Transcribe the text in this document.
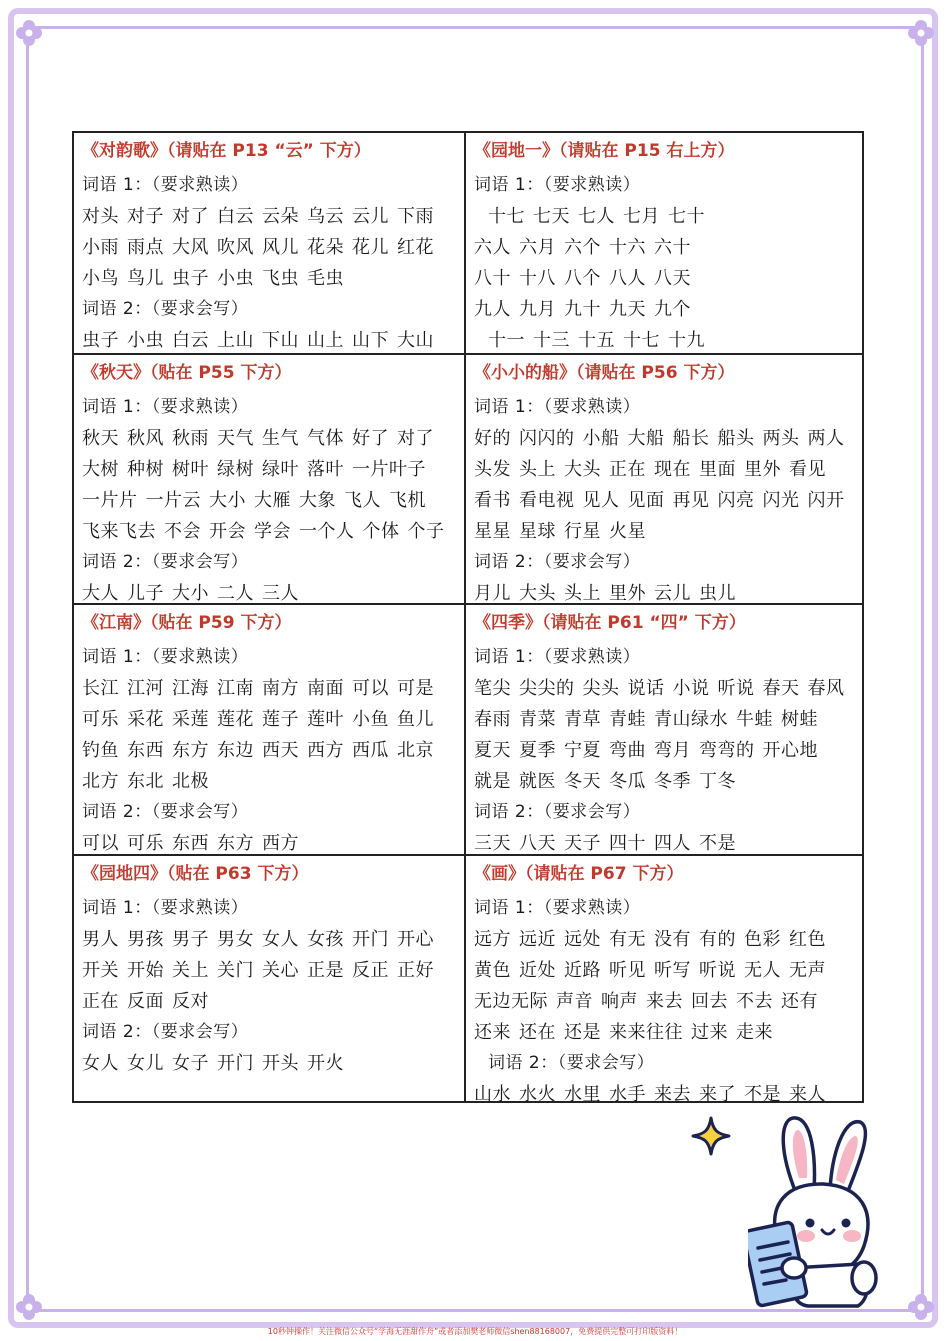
《对韵歌》（请贴在 P13 “云” 下方）
词语 1：（要求熟读）
对头 对子 对了 白云 云朵 乌云 云儿 下雨
小雨 雨点 大风 吹风 风儿 花朵 花儿 红花
小鸟 鸟儿 虫子 小虫 飞虫 毛虫
词语 2：（要求会写）
虫子 小虫 白云 上山 下山 山上 山下 大山
《园地一》（请贴在 P15 右上方）
词语 1：（要求熟读）
十七 七天 七人 七月 七十
六人 六月 六个 十六 六十
八十 十八 八个 八人 八天
九人 九月 九十 九天 九个
十一 十三 十五 十七 十九
《秋天》（贴在 P55 下方）
词语 1：（要求熟读）
秋天 秋风 秋雨 天气 生气 气体 好了 对了
大树 种树 树叶 绿树 绿叶 落叶 一片叶子
一片片 一片云 大小 大雁 大象 飞人 飞机
飞来飞去 不会 开会 学会 一个人 个体 个子
词语 2：（要求会写）
大人 儿子 大小 二人 三人
《小小的船》（请贴在 P56 下方）
词语 1：（要求熟读）
好的 闪闪的 小船 大船 船长 船头 两头 两人
头发 头上 大头 正在 现在 里面 里外 看见
看书 看电视 见人 见面 再见 闪亮 闪光 闪开
星星 星球 行星 火星
词语 2：（要求会写）
月儿 大头 头上 里外 云儿 虫儿
《江南》（贴在 P59 下方）
词语 1：（要求熟读）
长江 江河 江海 江南 南方 南面 可以 可是
可乐 采花 采莲 莲花 莲子 莲叶 小鱼 鱼儿
钓鱼 东西 东方 东边 西天 西方 西瓜 北京
北方 东北 北极
词语 2：（要求会写）
可以 可乐 东西 东方 西方
《四季》（请贴在 P61 “四” 下方）
词语 1：（要求熟读）
笔尖 尖尖的 尖头 说话 小说 听说 春天 春风
春雨 青菜 青草 青蛙 青山绿水 牛蛙 树蛙
夏天 夏季 宁夏 弯曲 弯月 弯弯的 开心地
就是 就医 冬天 冬瓜 冬季 丁冬
词语 2：（要求会写）
三天 八天 天子 四十 四人 不是
《园地四》（贴在 P63 下方）
词语 1：（要求熟读）
男人 男孩 男子 男女 女人 女孩 开门 开心
开关 开始 关上 关门 关心 正是 反正 正好
正在 反面 反对
词语 2：（要求会写）
女人 女儿 女子 开门 开头 开火
《画》（请贴在 P67 下方）
词语 1：（要求熟读）
远方 远近 远处 有无 没有 有的 色彩 红色
黄色 近处 近路 听见 听写 听说 无人 无声
无边无际 声音 响声 来去 回去 不去 还有
还来 还在 还是 来来往往 过来 走来
词语 2：（要求会写）
山水 水火 水里 水手 来去 来了 不是 来人
10秒钟操作！关注微信公众号“学海无涯甜作舟”或者添加樊老师微信shen88168007，免费提供完整可打印版资料！
